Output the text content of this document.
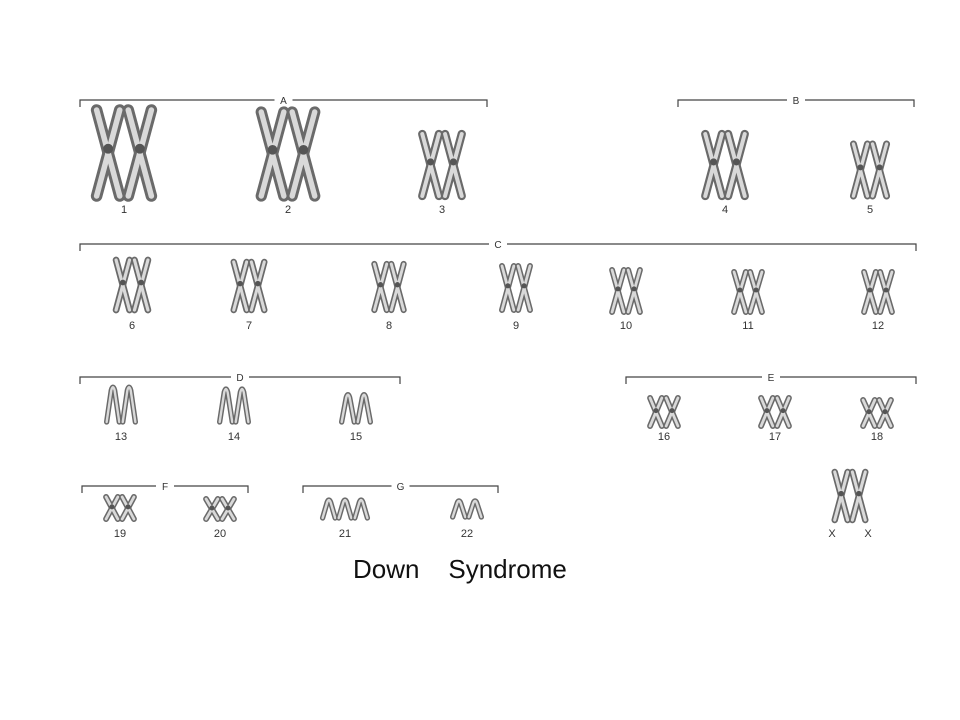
A	B
C
D	E
F	G
1	2	3	4	5
6	7	8	9	10	11	12
13	14	15	16	17	18
19	20	21	22	X	X
Down    Syndrome
